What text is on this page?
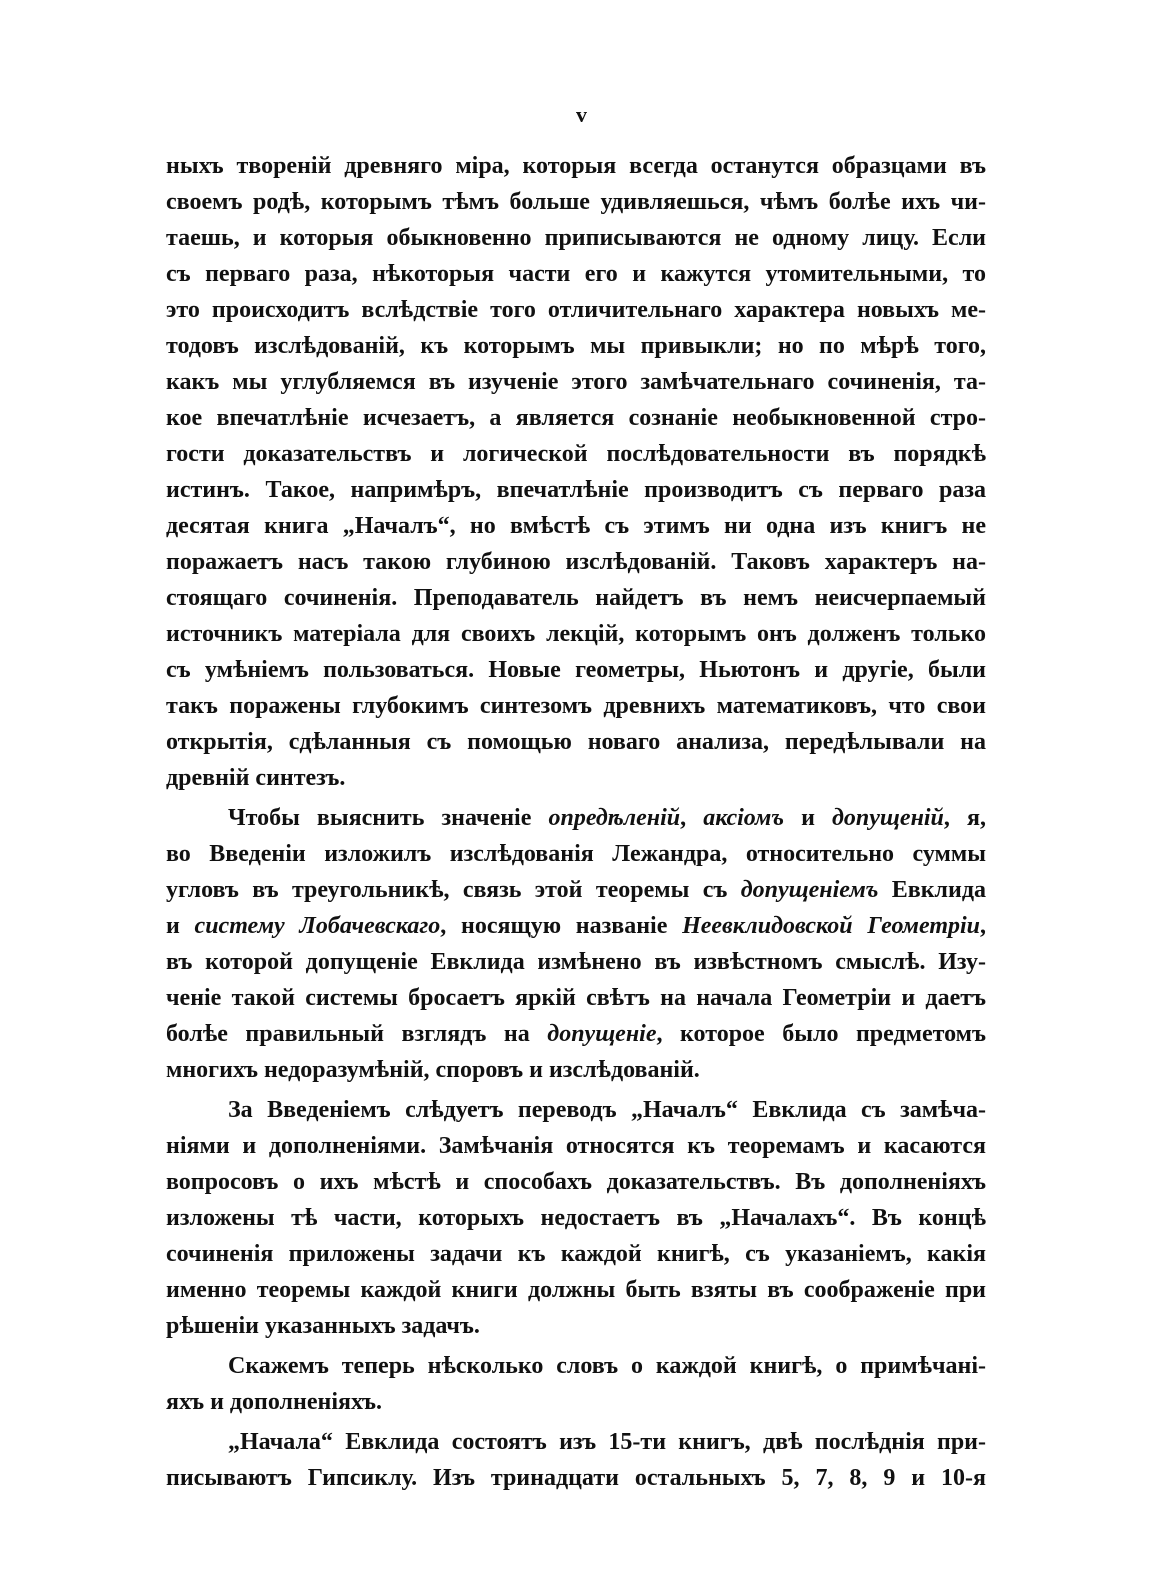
v
ныхъ твореній древняго міра, которыя всегда останутся образцами въ
своемъ родѣ, которымъ тѣмъ больше удивляешься, чѣмъ болѣе ихъ чи-
таешь, и которыя обыкновенно приписываются не одному лицу. Если
съ перваго раза, нѣкоторыя части его и кажутся утомительными, то
это происходитъ вслѣдствіе того отличительнаго характера новыхъ ме-
тодовъ изслѣдованій, къ которымъ мы привыкли; но по мѣрѣ того,
какъ мы углубляемся въ изученіе этого замѣчательнаго сочиненія, та-
кое впечатлѣніе исчезаетъ, а является сознаніе необыкновенной стро-
гости доказательствъ и логической послѣдовательности въ порядкѣ
истинъ. Такое, напримѣръ, впечатлѣніе производитъ съ перваго раза
десятая книга „Началъ“, но вмѣстѣ съ этимъ ни одна изъ книгъ не
поражаетъ насъ такою глубиною изслѣдованій. Таковъ характеръ на-
стоящаго сочиненія. Преподаватель найдетъ въ немъ неисчерпаемый
источникъ матеріала для своихъ лекцій, которымъ онъ долженъ только
съ умѣніемъ пользоваться. Новые геометры, Ньютонъ и другіе, были
такъ поражены глубокимъ синтезомъ древнихъ математиковъ, что свои
открытія, сдѣланныя съ помощью новаго анализа, передѣлывали на
древній синтезъ.
Чтобы выяснить значеніе опредѣленій, аксіомъ и допущеній, я,
во Введеніи изложилъ изслѣдованія Лежандра, относительно суммы
угловъ въ треугольникѣ, связь этой теоремы съ допущеніемъ Евклида
и систему Лобачевскаго, носящую названіе Неевклидовской Геометріи,
въ которой допущеніе Евклида измѣнено въ извѣстномъ смыслѣ. Изу-
ченіе такой системы бросаетъ яркій свѣтъ на начала Геометріи и даетъ
болѣе правильный взглядъ на допущеніе, которое было предметомъ
многихъ недоразумѣній, споровъ и изслѣдованій.
За Введеніемъ слѣдуетъ переводъ „Началъ“ Евклида съ замѣча-
ніями и дополненіями. Замѣчанія относятся къ теоремамъ и касаются
вопросовъ о ихъ мѣстѣ и способахъ доказательствъ. Въ дополненіяхъ
изложены тѣ части, которыхъ недостаетъ въ „Началахъ“. Въ концѣ
сочиненія приложены задачи къ каждой книгѣ, съ указаніемъ, какія
именно теоремы каждой книги должны быть взяты въ соображеніе при
рѣшеніи указанныхъ задачъ.
Скажемъ теперь нѣсколько словъ о каждой книгѣ, о примѣчані-
яхъ и дополненіяхъ.
„Начала“ Евклида состоятъ изъ 15-ти книгъ, двѣ послѣднія при-
писываютъ Гипсиклу. Изъ тринадцати остальныхъ 5, 7, 8, 9 и 10-я
